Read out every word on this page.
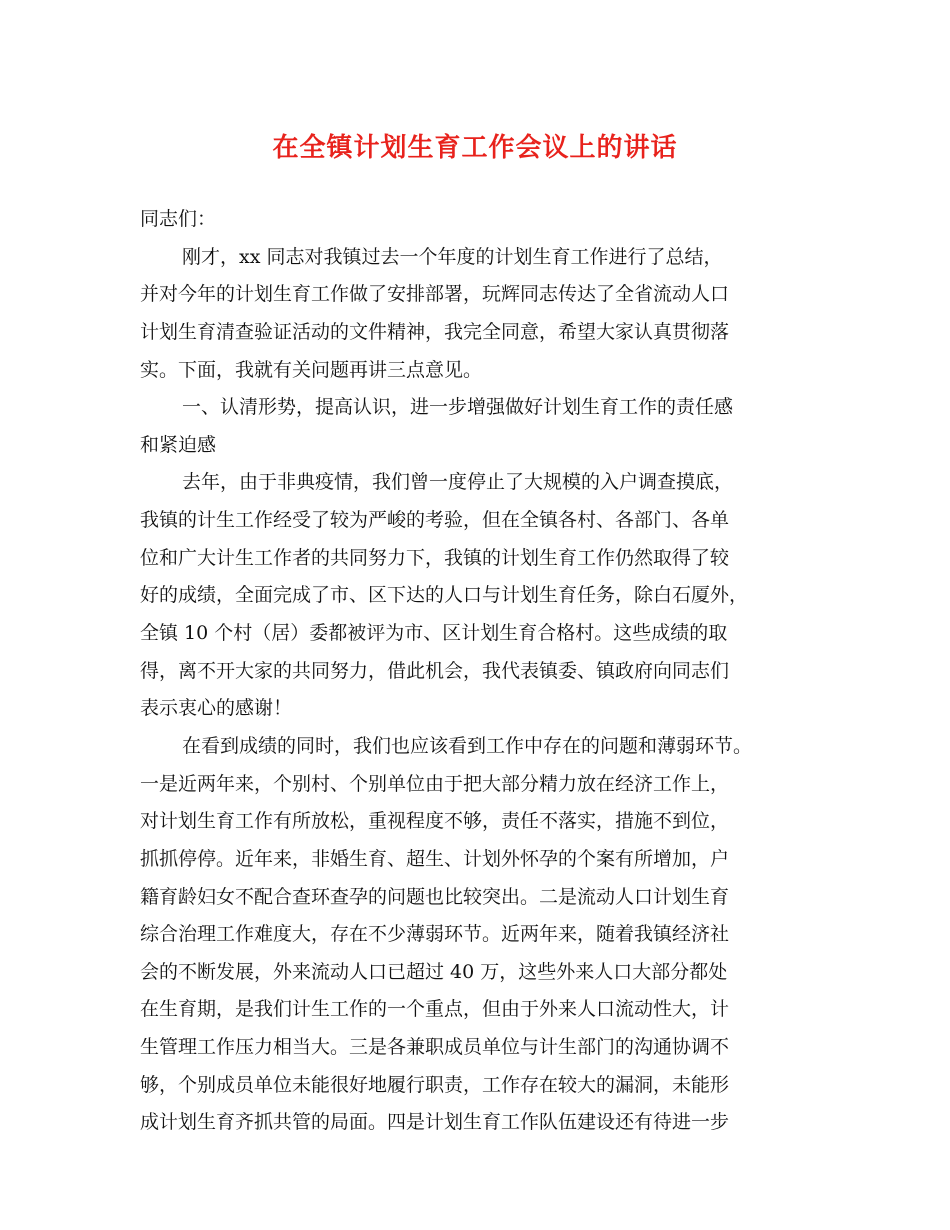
在全镇计划生育工作会议上的讲话

同志们：

刚才，xx 同志对我镇过去一个年度的计划生育工作进行了总结，

并对今年的计划生育工作做了安排部署，玩辉同志传达了全省流动人口

计划生育清查验证活动的文件精神，我完全同意，希望大家认真贯彻落

实。下面，我就有关问题再讲三点意见。

一、认清形势，提高认识，进一步增强做好计划生育工作的责任感

和紧迫感

去年，由于非典疫情，我们曾一度停止了大规模的入户调查摸底，

我镇的计生工作经受了较为严峻的考验，但在全镇各村、各部门、各单

位和广大计生工作者的共同努力下，我镇的计划生育工作仍然取得了较

好的成绩，全面完成了市、区下达的人口与计划生育任务，除白石厦外，

全镇 10 个村（居）委都被评为市、区计划生育合格村。这些成绩的取

得，离不开大家的共同努力，借此机会，我代表镇委、镇政府向同志们

表示衷心的感谢！

在看到成绩的同时，我们也应该看到工作中存在的问题和薄弱环节。

一是近两年来，个别村、个别单位由于把大部分精力放在经济工作上，

对计划生育工作有所放松，重视程度不够，责任不落实，措施不到位，

抓抓停停。近年来，非婚生育、超生、计划外怀孕的个案有所增加，户

籍育龄妇女不配合查环查孕的问题也比较突出。二是流动人口计划生育

综合治理工作难度大，存在不少薄弱环节。近两年来，随着我镇经济社

会的不断发展，外来流动人口已超过 40 万，这些外来人口大部分都处

在生育期，是我们计生工作的一个重点，但由于外来人口流动性大，计

生管理工作压力相当大。三是各兼职成员单位与计生部门的沟通协调不

够，个别成员单位未能很好地履行职责，工作存在较大的漏洞，未能形

成计划生育齐抓共管的局面。四是计划生育工作队伍建设还有待进一步
